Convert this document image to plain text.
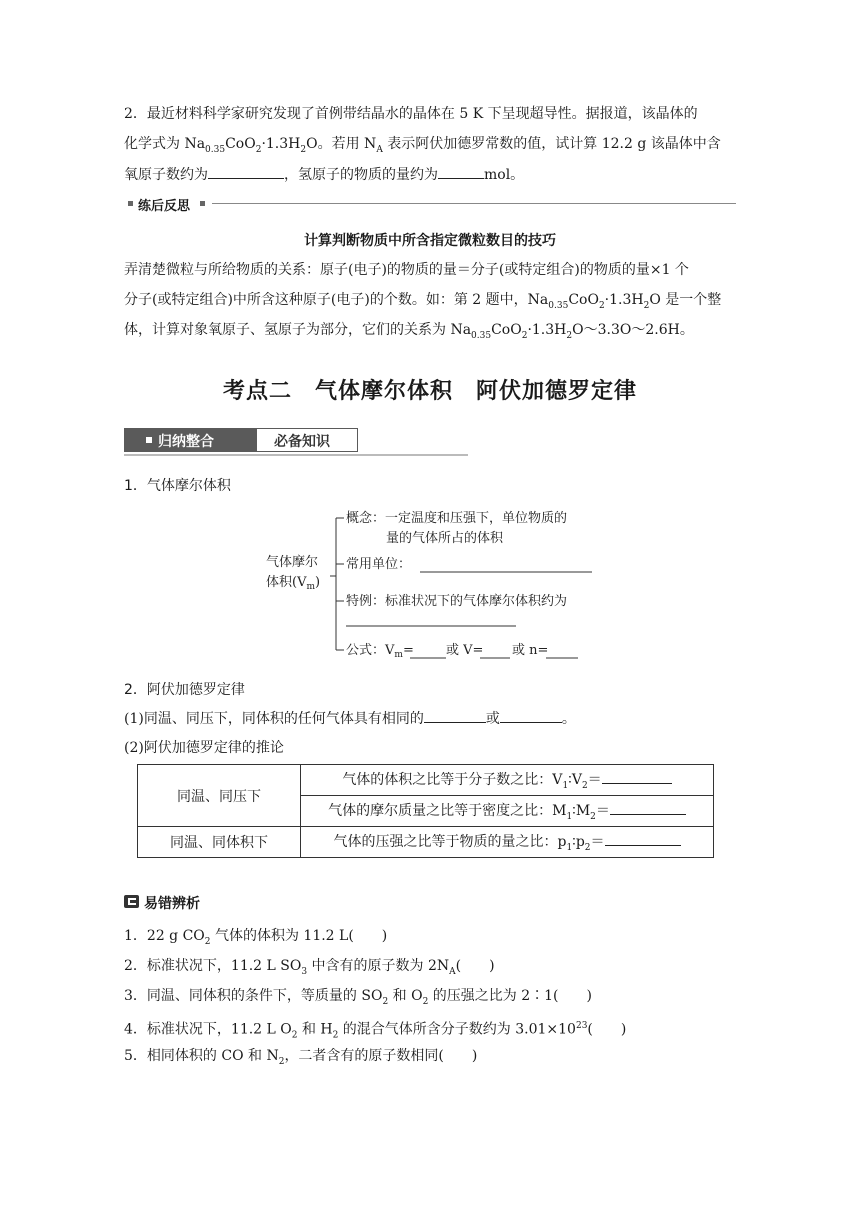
2．最近材料科学家研究发现了首例带结晶水的晶体在 5 K 下呈现超导性。据报道，该晶体的
化学式为 $Na_{0.35}CoO_2\cdot 1.3H_2O$。若用 $N_A$ 表示阿伏加德罗常数的值，试计算 12.2 g 该晶体中含
氧原子数约为	，氢原子的物质的量约为	mol。
练后反思
计算判断物质中所含指定微粒数目的技巧
弄清楚微粒与所给物质的关系：原子(电子)的物质的量＝分子(或特定组合)的物质的量×1 个
分子(或特定组合)中所含这种原子(电子)的个数。如：第 2 题中，$Na_{0.35}CoO_2\cdot 1.3H_2O$ 是一个整
体，计算对象氧原子、氢原子为部分，它们的关系为 $Na_{0.35}CoO_2\cdot 1.3H_2O\sim 3.3O\sim 2.6H$。
考点二　气体摩尔体积　阿伏加德罗定律
归纳整合	必备知识
1．气体摩尔体积
气体摩尔
体积$(V_m)$
概念：一定温度和压强下，单位物质的
量的气体所占的体积
常用单位：
特例：标准状况下的气体摩尔体积约为
公式：$V_m=$ 或 V= 或 n=
2．阿伏加德罗定律
(1)同温、同压下，同体积的任何气体具有相同的	或	。
(2)阿伏加德罗定律的推论
同温、同压下	气体的体积之比等于分子数之比：$V_1∶V_2=$
	气体的摩尔质量之比等于密度之比：$M_1∶M_2=$
同温、同体积下	气体的压强之比等于物质的量之比：$p_1∶p_2=$
易错辨析
1．22 g $CO_2$ 气体的体积为 11.2 L(　　)
2．标准状况下，11.2 L $SO_3$ 中含有的原子数为 $2N_A$(　　)
3．同温、同体积的条件下，等质量的 $SO_2$ 和 $O_2$ 的压强之比为 2∶1(　　)
4．标准状况下，11.2 L $O_2$ 和 $H_2$ 的混合气体所含分子数约为 $3.01\times 10^{23}$(　　)
5．相同体积的 CO 和 $N_2$，二者含有的原子数相同(　　)
